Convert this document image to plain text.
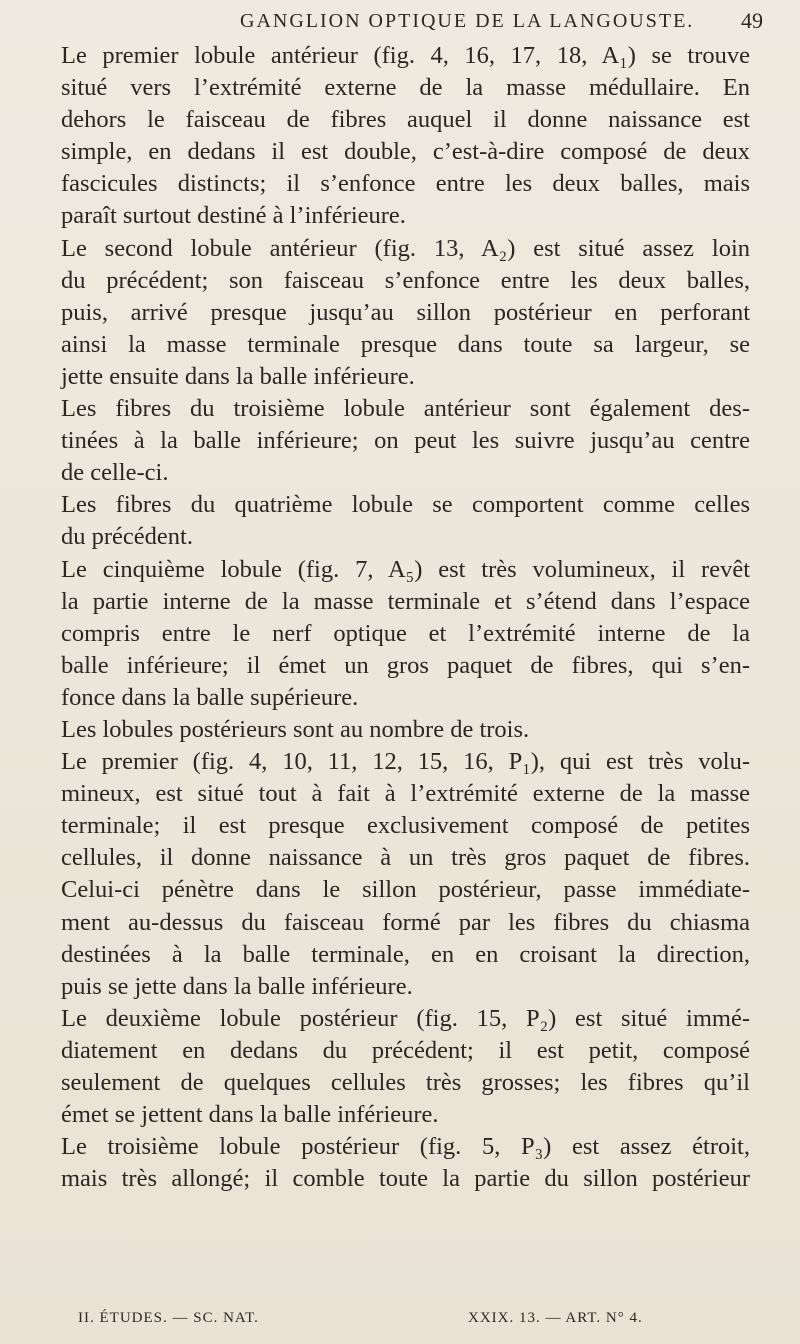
GANGLION OPTIQUE DE LA LANGOUSTE. 49
Le premier lobule antérieur (fig. 4, 16, 17, 18, A₁) se trouve
situé vers l’extrémité externe de la masse médullaire. En
dehors le faisceau de fibres auquel il donne naissance est
simple, en dedans il est double, c’est-à-dire composé de deux
fascicules distincts; il s’enfonce entre les deux balles, mais
paraît surtout destiné à l’inférieure.
Le second lobule antérieur (fig. 13, A₂) est situé assez loin
du précédent; son faisceau s’enfonce entre les deux balles,
puis, arrivé presque jusqu’au sillon postérieur en perforant
ainsi la masse terminale presque dans toute sa largeur, se
jette ensuite dans la balle inférieure.
Les fibres du troisième lobule antérieur sont également des-
tinées à la balle inférieure; on peut les suivre jusqu’au centre
de celle-ci.
Les fibres du quatrième lobule se comportent comme celles
du précédent.
Le cinquième lobule (fig. 7, A₅) est très volumineux, il revêt
la partie interne de la masse terminale et s’étend dans l’espace
compris entre le nerf optique et l’extrémité interne de la
balle inférieure; il émet un gros paquet de fibres, qui s’en-
fonce dans la balle supérieure.
Les lobules postérieurs sont au nombre de trois.
Le premier (fig. 4, 10, 11, 12, 15, 16, P₁), qui est très volu-
mineux, est situé tout à fait à l’extrémité externe de la masse
terminale; il est presque exclusivement composé de petites
cellules, il donne naissance à un très gros paquet de fibres.
Celui-ci pénètre dans le sillon postérieur, passe immédiate-
ment au-dessus du faisceau formé par les fibres du chiasma
destinées à la balle terminale, en en croisant la direction,
puis se jette dans la balle inférieure.
Le deuxième lobule postérieur (fig. 15, P₂) est situé immé-
diatement en dedans du précédent; il est petit, composé
seulement de quelques cellules très grosses; les fibres qu’il
émet se jettent dans la balle inférieure.
Le troisième lobule postérieur (fig. 5, P₃) est assez étroit,
mais très allongé; il comble toute la partie du sillon postérieur
II. ÉTUDES. — SC. NAT.	XXIX. 13. — ART. N° 4.
